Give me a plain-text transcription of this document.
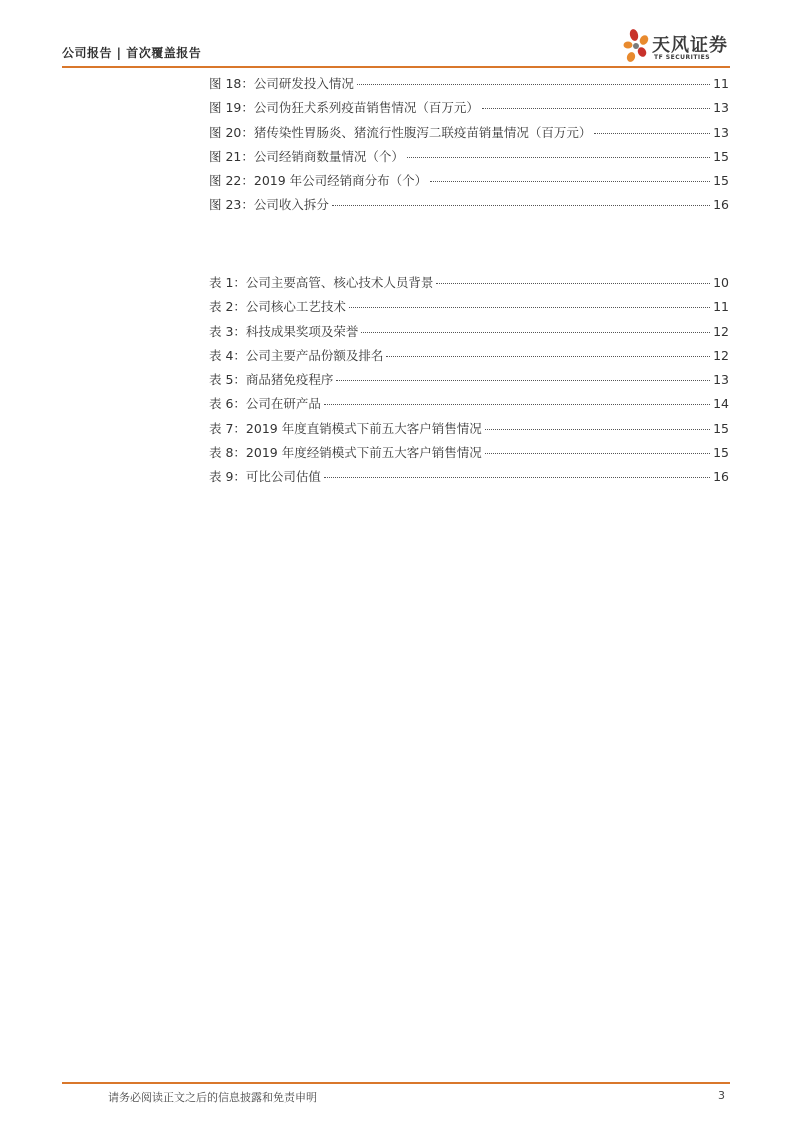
公司报告 | 首次覆盖报告	天风证券
TF SECURITIES
图 18：公司研发投入情况	11
图 19：公司伪狂犬系列疫苗销售情况（百万元）	13
图 20：猪传染性胃肠炎、猪流行性腹泻二联疫苗销量情况（百万元）	13
图 21：公司经销商数量情况（个）	15
图 22：2019 年公司经销商分布（个）	15
图 23：公司收入拆分	16
表 1：公司主要高管、核心技术人员背景	10
表 2：公司核心工艺技术	11
表 3：科技成果奖项及荣誉	12
表 4：公司主要产品份额及排名	12
表 5：商品猪免疫程序	13
表 6：公司在研产品	14
表 7：2019 年度直销模式下前五大客户销售情况	15
表 8：2019 年度经销模式下前五大客户销售情况	15
表 9：可比公司估值	16
请务必阅读正文之后的信息披露和免责申明	3
